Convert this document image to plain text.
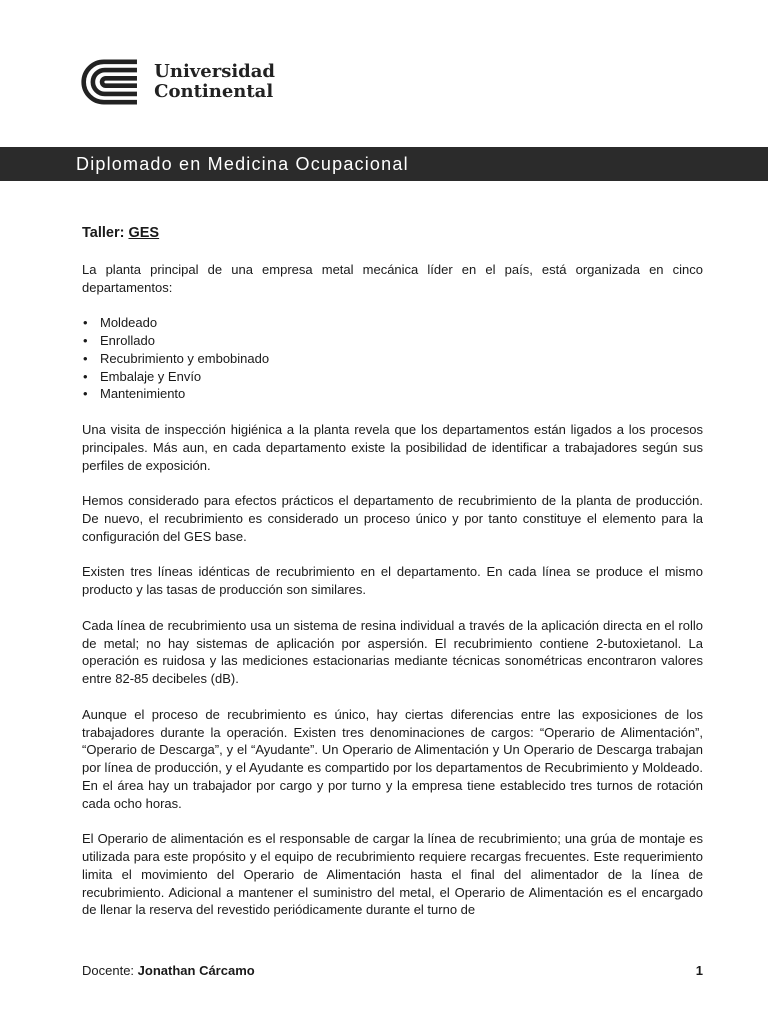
Universidad
Continental
Diplomado en Medicina Ocupacional
Taller: GES

La planta principal de una empresa metal mecánica líder en el país, está organizada en cinco departamentos:

• Moldeado
• Enrollado
• Recubrimiento y embobinado
• Embalaje y Envío
• Mantenimiento

Una visita de inspección higiénica a la planta revela que los departamentos están ligados a los procesos principales. Más aun, en cada departamento existe la posibilidad de identificar a trabajadores según sus perfiles de exposición.

Hemos considerado para efectos prácticos el departamento de recubrimiento de la planta de producción. De nuevo, el recubrimiento es considerado un proceso único y por tanto constituye el elemento para la configuración del GES base.

Existen tres líneas idénticas de recubrimiento en el departamento. En cada línea se produce el mismo producto y las tasas de producción son similares.

Cada línea de recubrimiento usa un sistema de resina individual a través de la aplicación directa en el rollo de metal; no hay sistemas de aplicación por aspersión. El recubrimiento contiene 2-butoxietanol. La operación es ruidosa y las mediciones estacionarias mediante técnicas sonométricas encontraron valores entre 82-85 decibeles (dB).

Aunque el proceso de recubrimiento es único, hay ciertas diferencias entre las exposiciones de los trabajadores durante la operación. Existen tres denominaciones de cargos: “Operario de Alimentación”, “Operario de Descarga”, y el “Ayudante”. Un Operario de Alimentación y Un Operario de Descarga trabajan por línea de producción, y el Ayudante es compartido por los departamentos de Recubrimiento y Moldeado. En el área hay un trabajador por cargo y por turno y la empresa tiene establecido tres turnos de rotación cada ocho horas.

El Operario de alimentación es el responsable de cargar la línea de recubrimiento; una grúa de montaje es utilizada para este propósito y el equipo de recubrimiento requiere recargas frecuentes. Este requerimiento limita el movimiento del Operario de Alimentación hasta el final del alimentador de la línea de recubrimiento. Adicional a mantener el suministro del metal, el Operario de Alimentación es el encargado de llenar la reserva del revestido periódicamente durante el turno de

Docente: Jonathan Cárcamo	1
